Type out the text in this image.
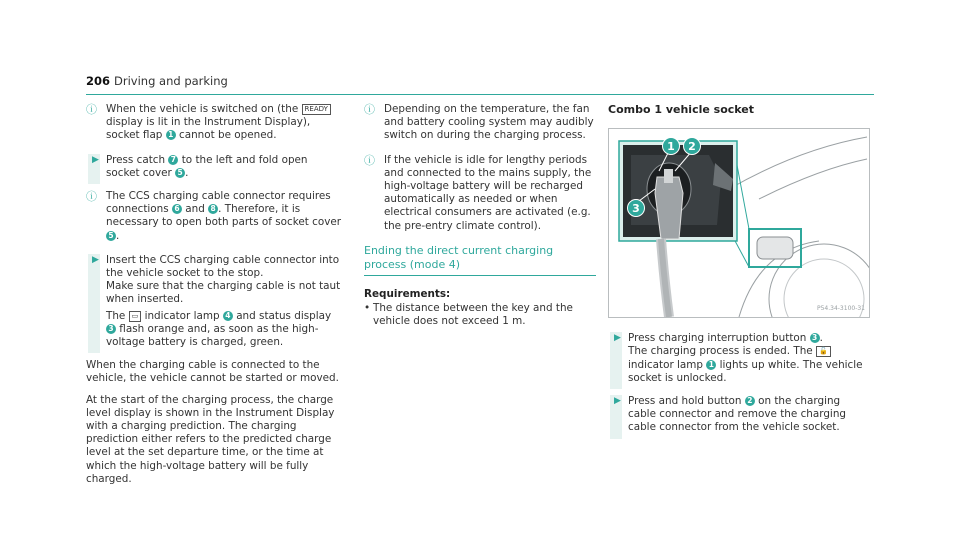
206 Driving and parking
ⓘ When the vehicle is switched on (the READY display is lit in the Instrument Display), socket flap 1 cannot be opened.
▶ Press catch 7 to the left and fold open socket cover 5 .
ⓘ The CCS charging cable connector requires connections 6 and 8 . Therefore, it is necessary to open both parts of socket cover 5 .
▶ Insert the CCS charging cable connector into the vehicle socket to the stop.
Make sure that the charging cable is not taut when inserted.
The ▭ indicator lamp 4 and status display 3 flash orange and, as soon as the high-voltage battery is charged, green.
When the charging cable is connected to the vehicle, the vehicle cannot be started or moved.
At the start of the charging process, the charge level display is shown in the Instrument Display with a charging prediction. The charging prediction either refers to the predicted charge level at the set departure time, or the time at which the high-voltage battery will be fully charged.
ⓘ Depending on the temperature, the fan and battery cooling system may audibly switch on during the charging process.
ⓘ If the vehicle is idle for lengthy periods and connected to the mains supply, the high-voltage battery will be recharged automatically as needed or when electrical consumers are activated (e.g. the pre-entry climate control).
Ending the direct current charging process (mode 4)
Requirements:
• The distance between the key and the vehicle does not exceed 1 m.
Combo 1 vehicle socket
1	2
3
P54.34-3100-31
▶ Press charging interruption button 3 .
The charging process is ended. The 🔓 indicator lamp 1 lights up white. The vehicle socket is unlocked.
▶ Press and hold button 2 on the charging cable connector and remove the charging cable connector from the vehicle socket.
